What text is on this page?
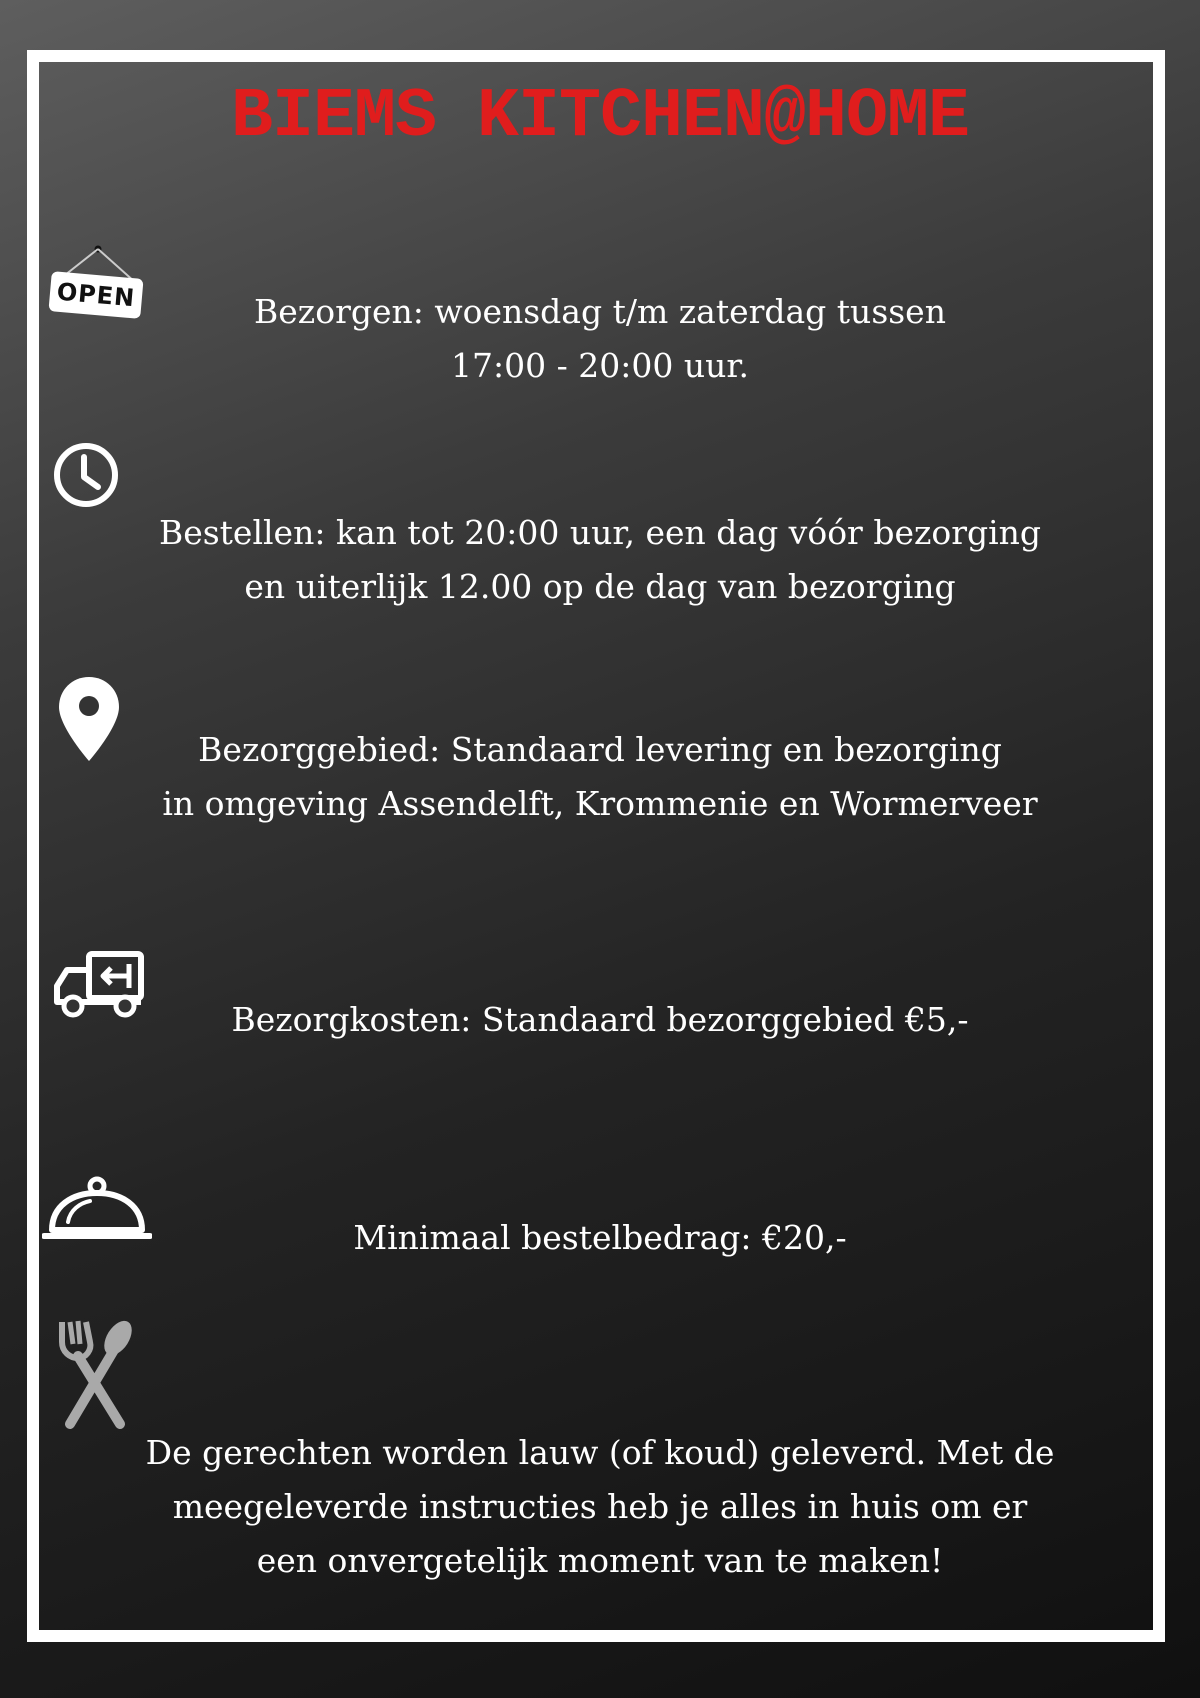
BIEMS KITCHEN@HOME
OPEN	Bezorgen: woensdag t/m zaterdag tussen
17:00 - 20:00 uur.
Bestellen: kan tot 20:00 uur, een dag vóór bezorging
en uiterlijk 12.00 op de dag van bezorging
Bezorggebied: Standaard levering en bezorging
in omgeving Assendelft, Krommenie en Wormerveer
Bezorgkosten: Standaard bezorggebied €5,-
Minimaal bestelbedrag: €20,-
De gerechten worden lauw (of koud) geleverd. Met de
meegeleverde instructies heb je alles in huis om er
een onvergetelijk moment van te maken!
